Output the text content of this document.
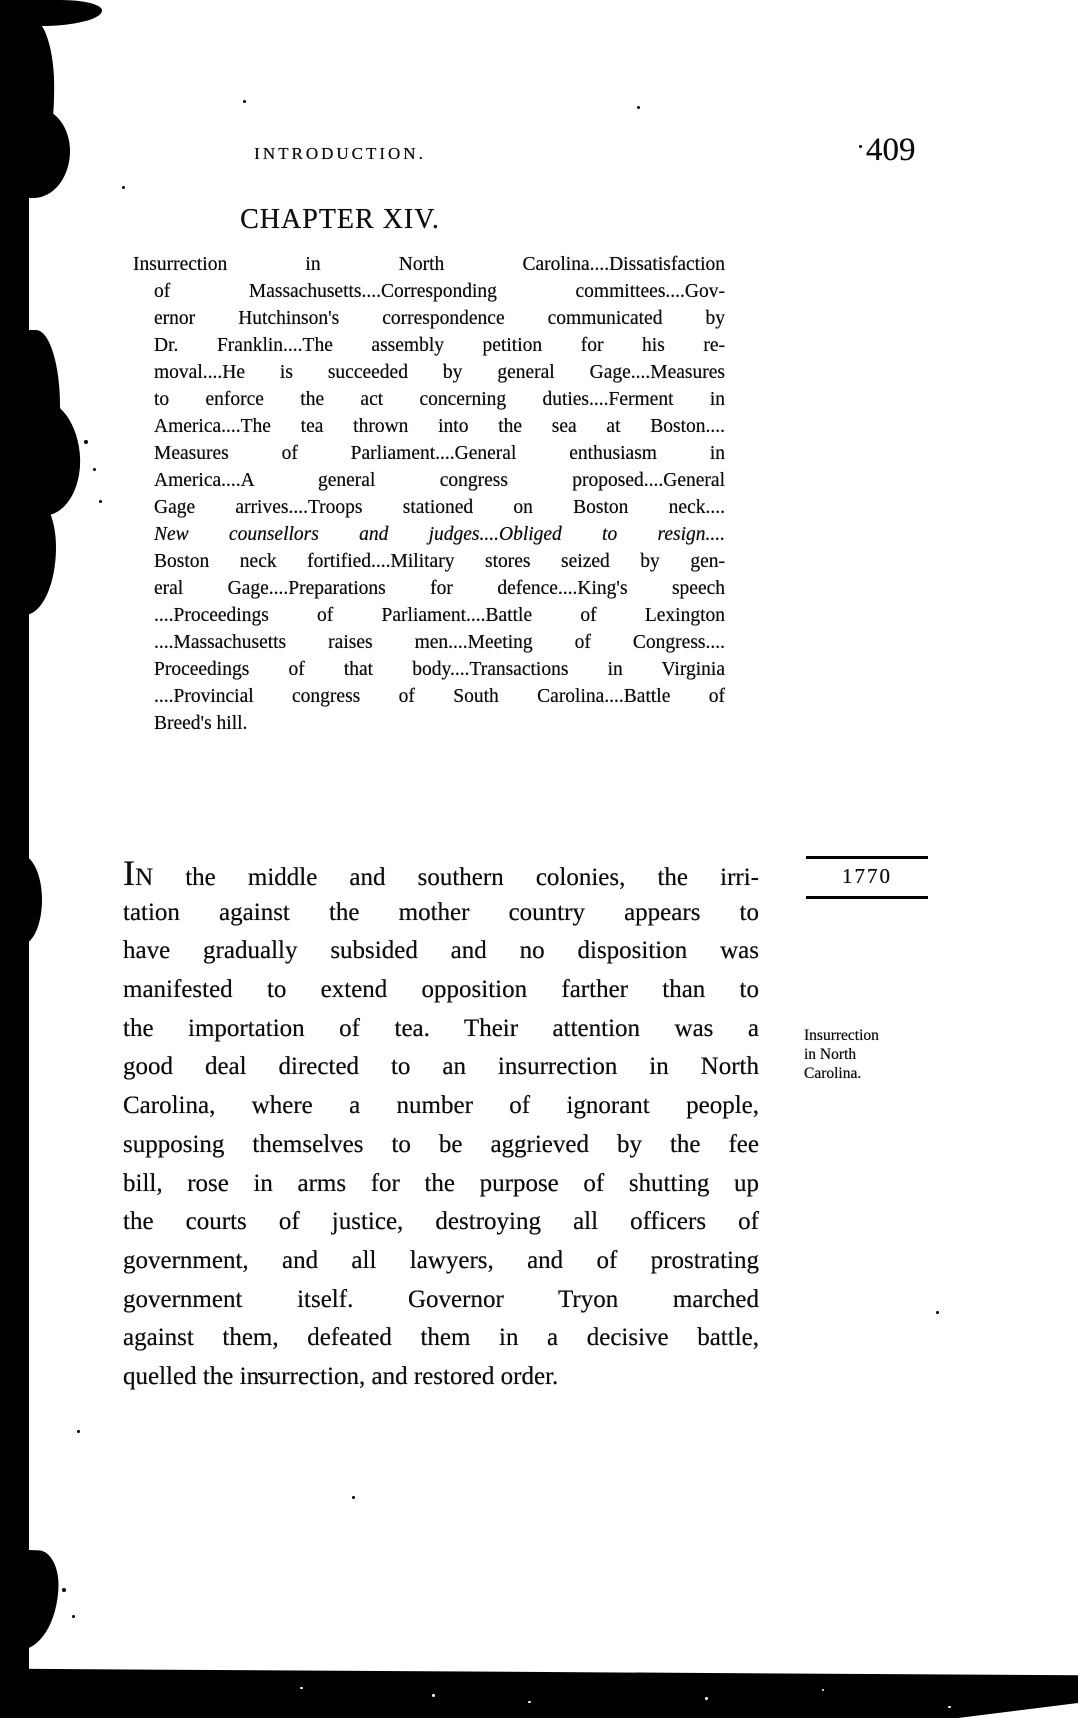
INTRODUCTION.	409
CHAPTER XIV.
Insurrection in North Carolina....Dissatisfaction
of Massachusetts....Corresponding committees....Gov-
ernor Hutchinson's correspondence communicated by
Dr. Franklin....The assembly petition for his re-
moval....He is succeeded by general Gage....Measures
to enforce the act concerning duties....Ferment in
America....The tea thrown into the sea at Boston....
Measures of Parliament....General enthusiasm in
America....A general congress proposed....General
Gage arrives....Troops stationed on Boston neck....
New counsellors and judges....Obliged to resign....
Boston neck fortified....Military stores seized by gen-
eral Gage....Preparations for defence....King's speech
....Proceedings of Parliament....Battle of Lexington
....Massachusetts raises men....Meeting of Congress....
Proceedings of that body....Transactions in Virginia
....Provincial congress of South Carolina....Battle of
Breed's hill.
IN the middle and southern colonies, the irri-
tation against the mother country appears to
have gradually subsided and no disposition was
manifested to extend opposition farther than to
the importation of tea. Their attention was a
good deal directed to an insurrection in North
Carolina, where a number of ignorant people,
supposing themselves to be aggrieved by the fee
bill, rose in arms for the purpose of shutting up
the courts of justice, destroying all officers of
government, and all lawyers, and of prostrating
government itself. Governor Tryon marched
against them, defeated them in a decisive battle,
quelled the insurrection, and restored order.
1770
Insurrection
in North
Carolina.
